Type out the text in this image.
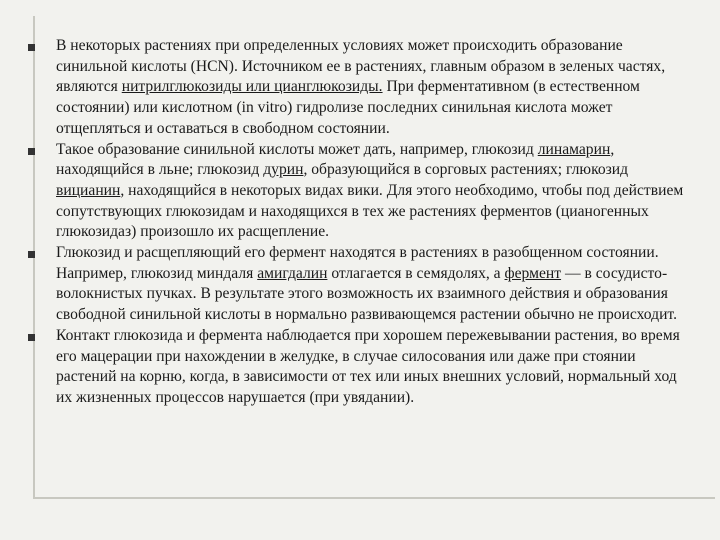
В некоторых растениях при определенных условиях может происходить образование синильной кислоты (HCN). Источником ее в растениях, главным образом в зеленых частях, являются нитрилглюкозиды или цианглюкозиды. При ферментативном (в естественном состоянии) или кислотном (in vitro) гидролизе последних синильная кислота может отщепляться и оставаться в свободном состоянии.
Такое образование синильной кислоты может дать, например, глюкозид линамарин, находящийся в льне; глюкозид дурин, образующийся в сорговых растениях; глюкозид вицианин, находящийся в некоторых видах вики. Для этого необходимо, чтобы под действием сопутствующих глюкозидам и находящихся в тех же растениях ферментов (цианогенных глюкозидаз) произошло их расщепление.
Глюкозид и расщепляющий его фермент находятся в растениях в разобщенном состоянии. Например, глюкозид миндаля амигдалин отлагается в семядолях, а фермент — в сосудисто-волокнистых пучках. В результате этого возможность их взаимного действия и образования свободной синильной кислоты в нормально развивающемся растении обычно не происходит.
Контакт глюкозида и фермента наблюдается при хорошем пережевывании растения, во время его мацерации при нахождении в желудке, в случае силосования или даже при стоянии растений на корню, когда, в зависимости от тех или иных внешних условий, нормальный ход их жизненных процессов нарушается (при увядании).
